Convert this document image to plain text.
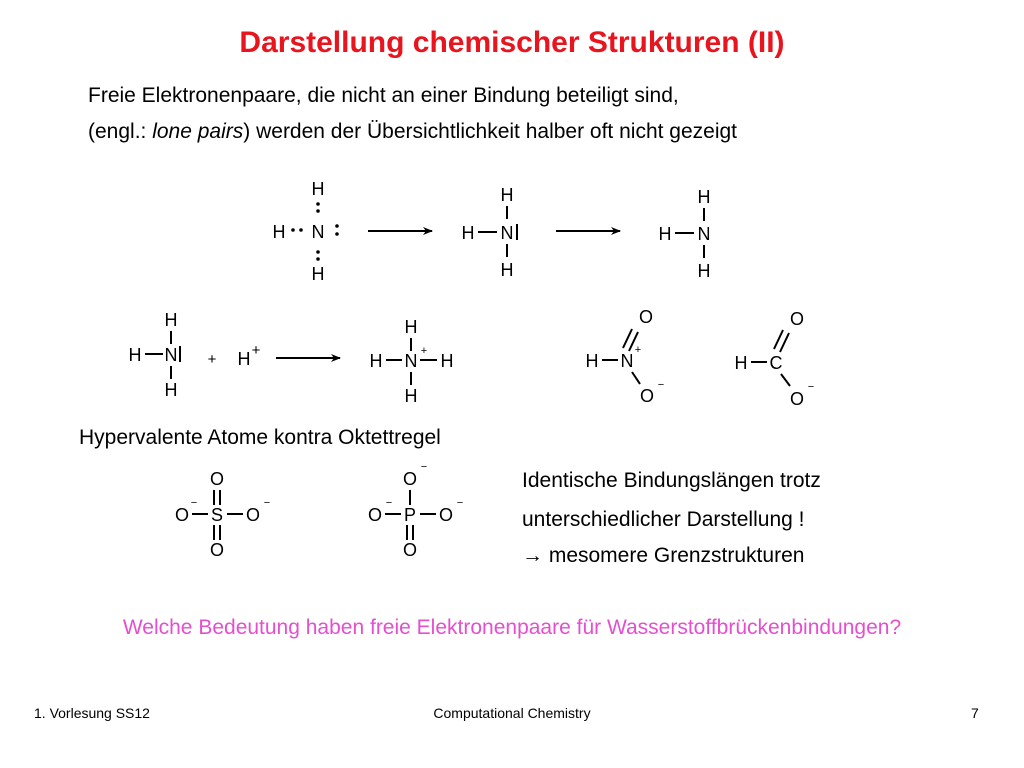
Darstellung chemischer Strukturen (II)
Freie Elektronenpaare, die nicht an einer Bindung beteiligt sind,
(engl.: lone pairs) werden der Übersichtlichkeit halber oft nicht gezeigt
H
N
H
H
H
H N
H
H
H N
H
H
H N
H
+ H +
H
H N + H
H
O
H N
+
O
−
O
H C
O
−
O
O
−
S O
−
O
O
−
O
−
P O
−
O
Hypervalente Atome kontra Oktettregel
Identische Bindungslängen trotz
unterschiedlicher Darstellung !
→ mesomere Grenzstrukturen
Welche Bedeutung haben freie Elektronenpaare für Wasserstoffbrückenbindungen?
1. Vorlesung SS12	Computational Chemistry	7
